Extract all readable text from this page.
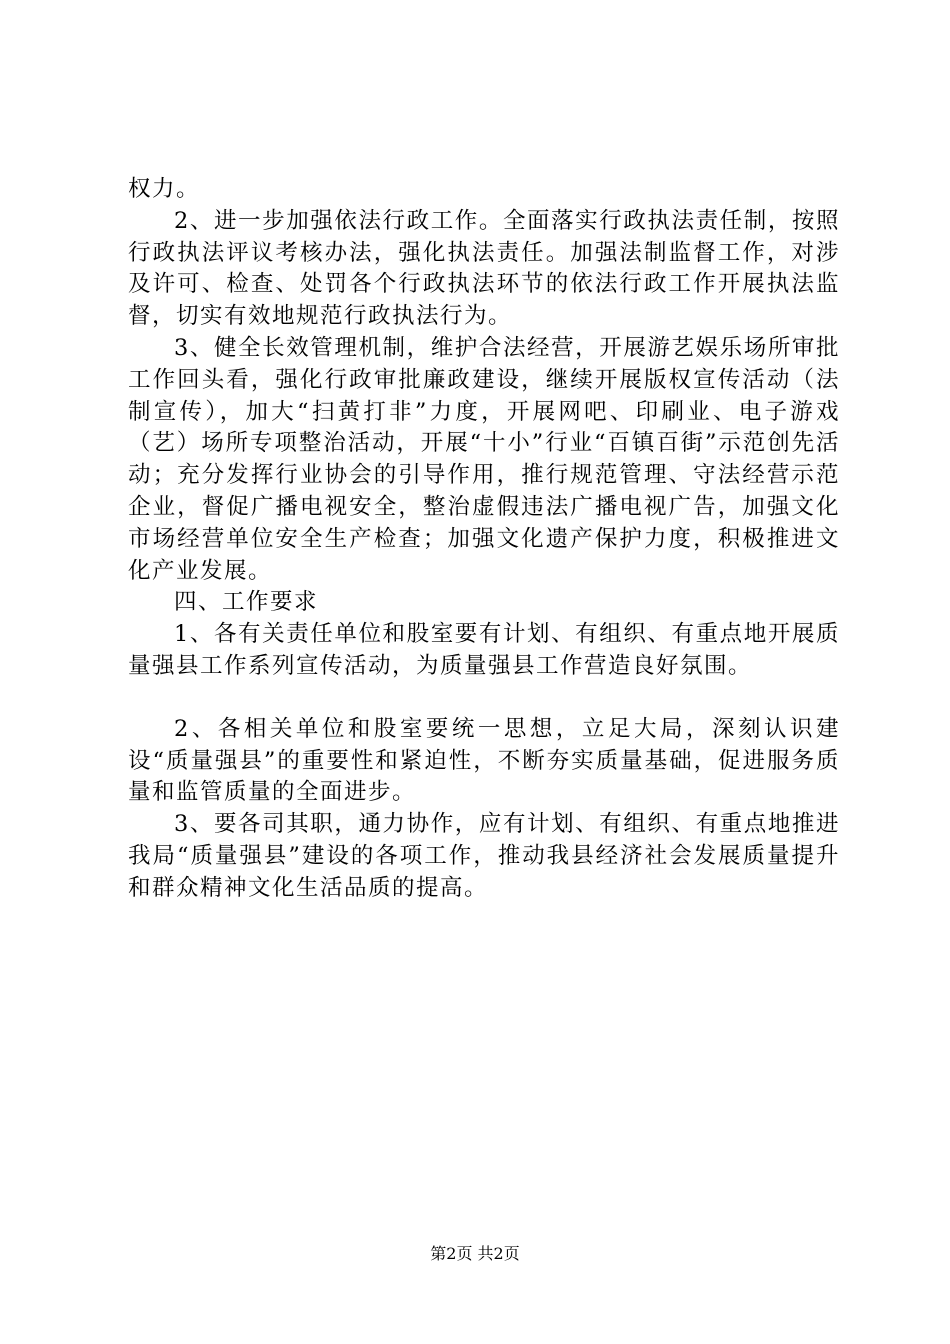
权力。

2、进一步加强依法行政工作。全面落实行政执法责任制，按照行政执法评议考核办法，强化执法责任。加强法制监督工作，对涉及许可、检查、处罚各个行政执法环节的依法行政工作开展执法监督，切实有效地规范行政执法行为。

3、健全长效管理机制，维护合法经营，开展游艺娱乐场所审批工作回头看，强化行政审批廉政建设，继续开展版权宣传活动（法制宣传），加大“扫黄打非”力度，开展网吧、印刷业、电子游戏（艺）场所专项整治活动，开展“十小”行业“百镇百街”示范创先活动；充分发挥行业协会的引导作用，推行规范管理、守法经营示范企业，督促广播电视安全，整治虚假违法广播电视广告，加强文化市场经营单位安全生产检查；加强文化遗产保护力度，积极推进文化产业发展。

四、工作要求

1、各有关责任单位和股室要有计划、有组织、有重点地开展质量强县工作系列宣传活动，为质量强县工作营造良好氛围。

2、各相关单位和股室要统一思想，立足大局，深刻认识建设“质量强县”的重要性和紧迫性，不断夯实质量基础，促进服务质量和监管质量的全面进步。

3、要各司其职，通力协作，应有计划、有组织、有重点地推进我局“质量强县”建设的各项工作，推动我县经济社会发展质量提升和群众精神文化生活品质的提高。

第2页 共2页
